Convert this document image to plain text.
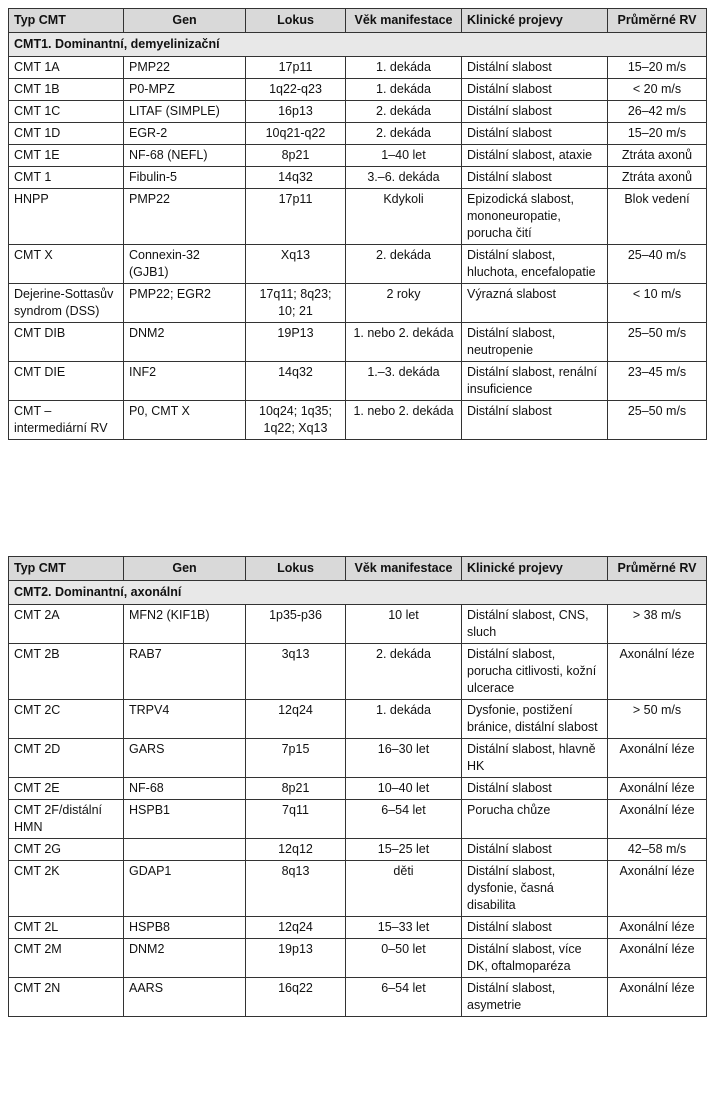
Typ CMT	Gen	Lokus	Věk manifestace	Klinické projevy	Průměrné RV
CMT1. Dominantní, demyelinizační					
CMT 1A	PMP22	17p11	1. dekáda	Distální slabost	15–20 m/s
CMT 1B	P0-MPZ	1q22-q23	1. dekáda	Distální slabost	< 20 m/s
CMT 1C	LITAF (SIMPLE)	16p13	2. dekáda	Distální slabost	26–42 m/s
CMT 1D	EGR-2	10q21-q22	2. dekáda	Distální slabost	15–20 m/s
CMT 1E	NF-68 (NEFL)	8p21	1–40 let	Distální slabost, ataxie	Ztráta axonů
CMT 1	Fibulin-5	14q32	3.–6. dekáda	Distální slabost	Ztráta axonů
HNPP	PMP22	17p11	Kdykoli	Epizodická slabost, mononeuropatie, porucha čití	Blok vedení
CMT X	Connexin-32 (GJB1)	Xq13	2. dekáda	Distální slabost, hluchota, encefalopatie	25–40 m/s
Dejerine-Sottasův syndrom (DSS)	PMP22; EGR2	17q11; 8q23; 10; 21	2 roky	Výrazná slabost	< 10 m/s
CMT DIB	DNM2	19P13	1. nebo 2. dekáda	Distální slabost, neutropenie	25–50 m/s
CMT DIE	INF2	14q32	1.–3. dekáda	Distální slabost, renální insuficience	23–45 m/s
CMT – intermediární RV	P0, CMT X	10q24; 1q35; 1q22; Xq13	1. nebo 2. dekáda	Distální slabost	25–50 m/s
Typ CMT	Gen	Lokus	Věk manifestace	Klinické projevy	Průměrné RV
CMT2. Dominantní, axonální					
CMT 2A	MFN2 (KIF1B)	1p35-p36	10 let	Distální slabost, CNS, sluch	> 38 m/s
CMT 2B	RAB7	3q13	2. dekáda	Distální slabost, porucha citlivosti, kožní ulcerace	Axonální léze
CMT 2C	TRPV4	12q24	1. dekáda	Dysfonie, postižení bránice, distální slabost	> 50 m/s
CMT 2D	GARS	7p15	16–30 let	Distální slabost, hlavně HK	Axonální léze
CMT 2E	NF-68	8p21	10–40 let	Distální slabost	Axonální léze
CMT 2F/distální HMN	HSPB1	7q11	6–54 let	Porucha chůze	Axonální léze
CMT 2G		12q12	15–25 let	Distální slabost	42–58 m/s
CMT 2K	GDAP1	8q13	děti	Distální slabost, dysfonie, časná disabilita	Axonální léze
CMT 2L	HSPB8	12q24	15–33 let	Distální slabost	Axonální léze
CMT 2M	DNM2	19p13	0–50 let	Distální slabost, více DK, oftalmoparéza	Axonální léze
CMT 2N	AARS	16q22	6–54 let	Distální slabost, asymetrie	Axonální léze
